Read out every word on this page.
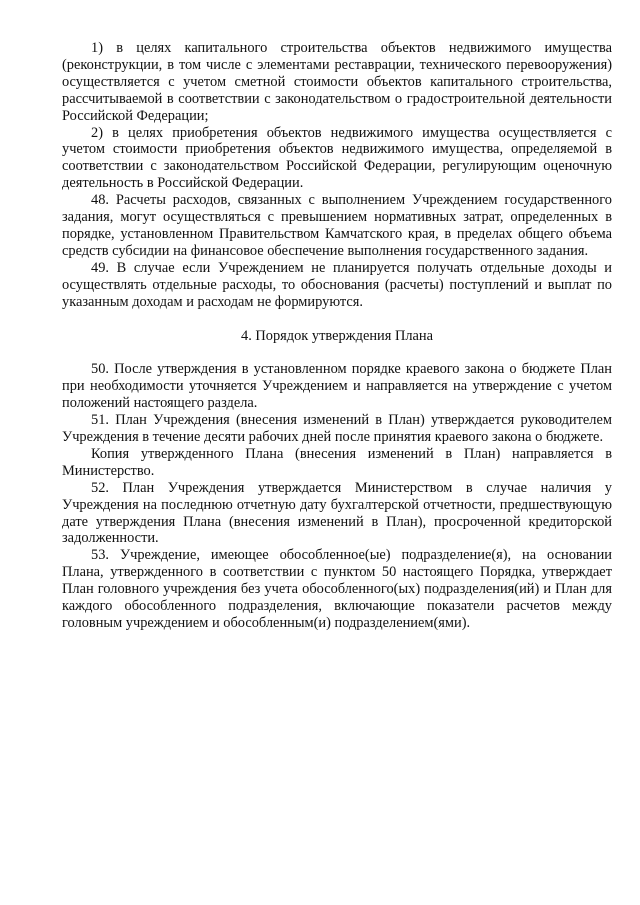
1) в целях капитального строительства объектов недвижимого имущества (реконструкции, в том числе с элементами реставрации, технического перевооружения) осуществляется с учетом сметной стоимости объектов капитального строительства, рассчитываемой в соответствии с законодательством о градостроительной деятельности Российской Федерации;

2) в целях приобретения объектов недвижимого имущества осуществляется с учетом стоимости приобретения объектов недвижимого имущества, определяемой в соответствии с законодательством Российской Федерации, регулирующим оценочную деятельность в Российской Федерации.

48. Расчеты расходов, связанных с выполнением Учреждением государственного задания, могут осуществляться с превышением нормативных затрат, определенных в порядке, установленном Правительством Камчатского края, в пределах общего объема средств субсидии на финансовое обеспечение выполнения государственного задания.

49. В случае если Учреждением не планируется получать отдельные доходы и осуществлять отдельные расходы, то обоснования (расчеты) поступлений и выплат по указанным доходам и расходам не формируются.

4. Порядок утверждения Плана

50. После утверждения в установленном порядке краевого закона о бюджете План при необходимости уточняется Учреждением и направляется на утверждение с учетом положений настоящего раздела.

51. План Учреждения (внесения изменений в План) утверждается руководителем Учреждения в течение десяти рабочих дней после принятия краевого закона о бюджете.

Копия утвержденного Плана (внесения изменений в План) направляется в Министерство.

52. План Учреждения утверждается Министерством в случае наличия у Учреждения на последнюю отчетную дату бухгалтерской отчетности, предшествующую дате утверждения Плана (внесения изменений в План), просроченной кредиторской задолженности.

53. Учреждение, имеющее обособленное(ые) подразделение(я), на основании Плана, утвержденного в соответствии с пунктом 50 настоящего Порядка, утверждает План головного учреждения без учета обособленного(ых) подразделения(ий) и План для каждого обособленного подразделения, включающие показатели расчетов между головным учреждением и обособленным(и) подразделением(ями).
